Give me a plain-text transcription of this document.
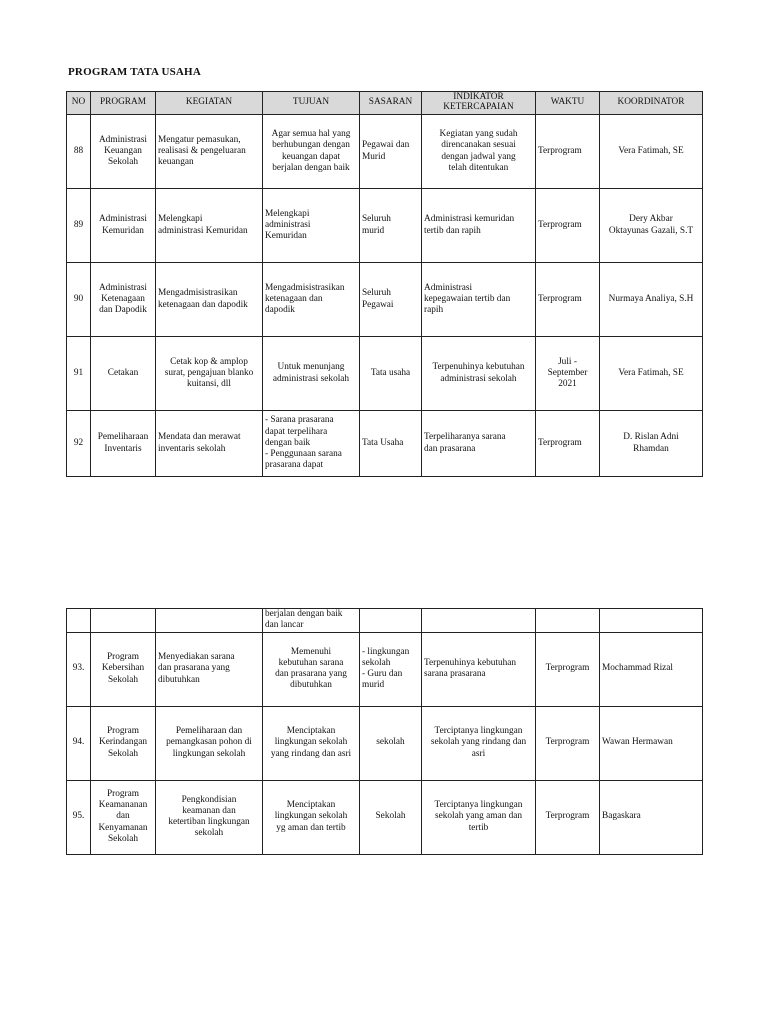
PROGRAM TATA USAHA
NO	PROGRAM	KEGIATAN	TUJUAN	SASARAN	INDIKATOR KETERCAPAIAN	WAKTU	KOORDINATOR
88	Administrasi
Keuangan
Sekolah	Mengatur pemasukan,
realisasi & pengeluaran
keuangan	Agar semua hal yang
berhubungan dengan
keuangan dapat
berjalan dengan baik	Pegawai dan
Murid	Kegiatan yang sudah
direncanakan sesuai
dengan jadwal yang
telah ditentukan	Terprogram	Vera Fatimah, SE

89	Administrasi
Kemuridan	Melengkapi
administrasi Kemuridan	Melengkapi
administrasi
Kemuridan	Seluruh
murid	Administrasi kemuridan
tertib dan rapih	Terprogram	Dery Akbar
Oktayunas Gazali, S.T

90	Administrasi
Ketenagaan
dan Dapodik	Mengadmisistrasikan
ketenagaan dan dapodik	Mengadmisistrasikan
ketenagaan dan
dapodik	Seluruh
Pegawai	Administrasi
kepegawaian tertib dan
rapih	Terprogram	Nurmaya Analiya, S.H

91	Cetakan	Cetak kop & amplop
surat, pengajuan blanko
kuitansi, dll	Untuk menunjang
administrasi sekolah	Tata usaha	Terpenuhinya kebutuhan
administrasi sekolah	Juli -
September
2021	Vera Fatimah, SE

92	Pemeliharaan
Inventaris	Mendata dan merawat
inventaris sekolah	- Sarana prasarana
dapat terpelihara
dengan baik
- Penggunaan sarana
prasarana dapat	Tata Usaha	Terpeliharanya sarana
dan prasarana	Terprogram	D. Rislan Adni
Rhamdan

			berjalan dengan baik
dan lancar				

93.	Program
Kebersihan
Sekolah	Menyediakan sarana
dan prasarana yang
dibutuhkan	Memenuhi
kebutuhan sarana
dan prasarana yang
dibutuhkan	- lingkungan
sekolah
- Guru dan
murid	Terpenuhinya kebutuhan
sarana prasarana	Terprogram	Mochammad Rizal

94.	Program
Kerindangan
Sekolah	Pemeliharaan dan
pemangkasan pohon di
lingkungan sekolah	Menciptakan
lingkungan sekolah
yang rindang dan asri	sekolah	Terciptanya lingkungan
sekolah yang rindang dan
asri	Terprogram	Wawan Hermawan

95.	Program
Keamananan
dan
Kenyamanan
Sekolah	Pengkondisian
keamanan dan
ketertiban lingkungan
sekolah	Menciptakan
lingkungan sekolah
yg aman dan tertib	Sekolah	Terciptanya lingkungan
sekolah yang aman dan
tertib	Terprogram	Bagaskara
